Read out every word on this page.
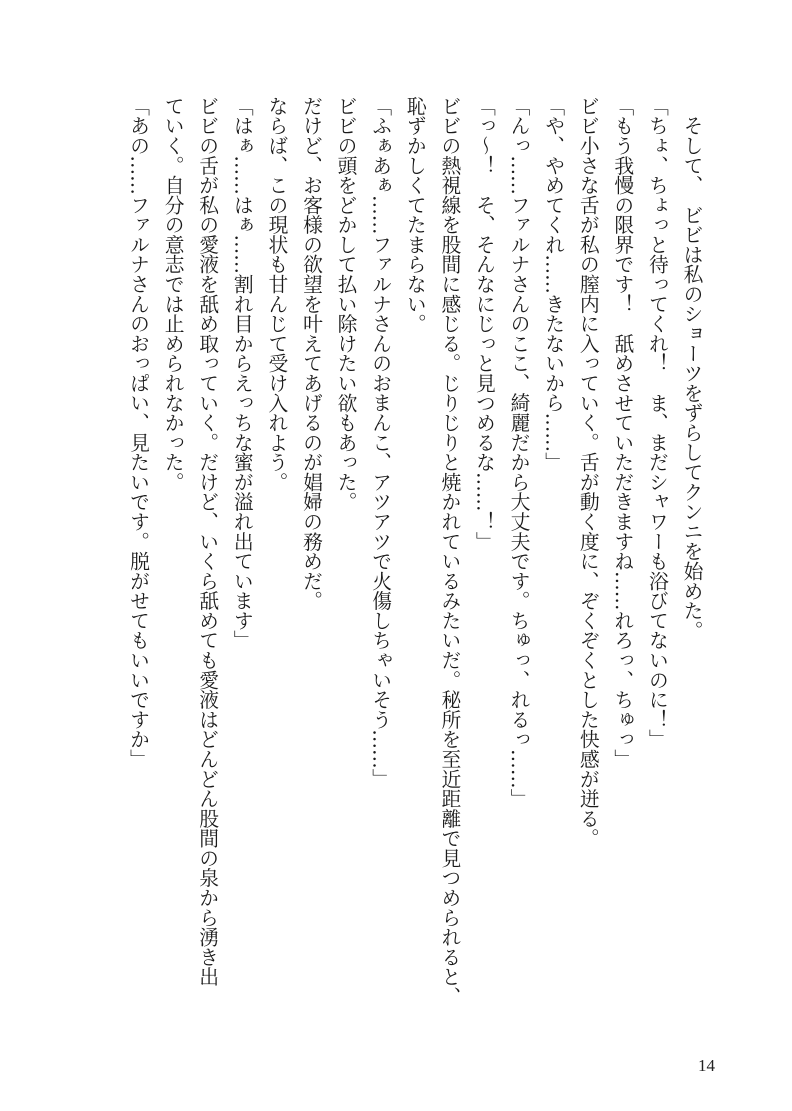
　そして、　ビビは私のショーツをずらしてクンニを始めた。
「ちょ、ちょっと待ってくれ！　ま、まだシャワーも浴びてないのに！」
「もう我慢の限界です！　舐めさせていただきますね……れろっ、ちゅっ」
ビビ小さな舌が私の膣内に入っていく。舌が動く度に、ぞくぞくとした快感が迸る。
「や、やめてくれ……きたないから……」
「んっ……ファルナさんのここ、綺麗だから大丈夫です。ちゅっ、れるっ……」
「っ～！　そ、そんなにじっと見つめるな……！」
ビビの熱視線を股間に感じる。じりじりと焼かれているみたいだ。秘所を至近距離で見つめられると、
恥ずかしくてたまらない。
「ふぁあぁ……ファルナさんのおまんこ、アツアツで火傷しちゃいそう……」
ビビの頭をどかして払い除けたい欲もあった。
だけど、お客様の欲望を叶えてあげるのが娼婦の務めだ。
ならば、この現状も甘んじて受け入れよう。
「はぁ……はぁ……割れ目からえっちな蜜が溢れ出ています」
ビビの舌が私の愛液を舐め取っていく。だけど、いくら舐めても愛液はどんどん股間の泉から湧き出
ていく。自分の意志では止められなかった。
「あの……ファルナさんのおっぱい、見たいです。脱がせてもいいですか」
14
